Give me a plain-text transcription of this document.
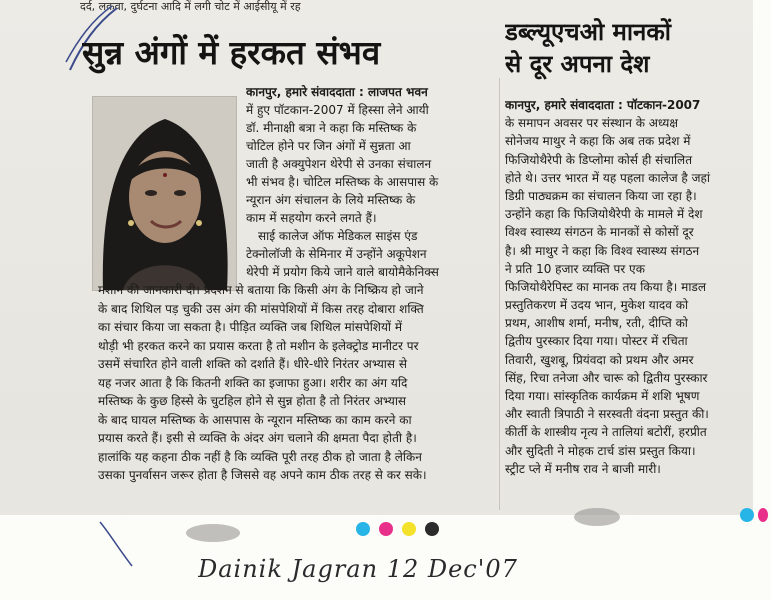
दर्द, लकवा, दुर्घटना आदि में लगी चोट में आईसीयू में रह
सुन्न अंगों में हरकत संभव
कानपुर, हमारे संवाददाता : लाजपत भवन
में हुए पॉटकान-2007 में हिस्सा लेने आयी
डॉ. मीनाक्षी बत्रा ने कहा कि मस्तिष्क के
चोटिल होने पर जिन अंगों में सुन्नता आ
जाती है अक्युपेशन थेरेपी से उनका संचालन
भी संभव है। चोटिल मस्तिष्क के आसपास के
न्यूरान अंग संचालन के लिये मस्तिष्क के
काम में सहयोग करने लगते हैं।
साई कालेज ऑफ मेडिकल साइंस एंड
टेक्नोलॉजी के सेमिनार में उन्होंने अकूपेशन
थेरेपी में प्रयोग किये जाने वाले बायोमैकेनिक्स
मशीन की जानकारी दी। प्रदर्शन से बताया कि किसी अंग के निष्क्रिय हो जाने
के बाद शिथिल पड़ चुकी उस अंग की मांसपेशियों में किस तरह दोबारा शक्ति
का संचार किया जा सकता है। पीड़ित व्यक्ति जब शिथिल मांसपेशियों में
थोड़ी भी हरकत करने का प्रयास करता है तो मशीन के इलेक्ट्रोड मानीटर पर
उसमें संचारित होने वाली शक्ति को दर्शाते हैं। धीरे-धीरे निरंतर अभ्यास से
यह नजर आता है कि कितनी शक्ति का इजाफा हुआ। शरीर का अंग यदि
मस्तिष्क के कुछ हिस्से के चुटहिल होने से सुन्न होता है तो निरंतर अभ्यास
के बाद घायल मस्तिष्क के आसपास के न्यूरान मस्तिष्क का काम करने का
प्रयास करते हैं। इसी से व्यक्ति के अंदर अंग चलाने की क्षमता पैदा होती है।
हालांकि यह कहना ठीक नहीं है कि व्यक्ति पूरी तरह ठीक हो जाता है लेकिन
उसका पुनर्वासन जरूर होता है जिससे वह अपने काम ठीक तरह से कर सके।
डब्ल्यूएचओ मानकों
से दूर अपना देश
कानपुर, हमारे संवाददाता : पॉटकान-2007
के समापन अवसर पर संस्थान के अध्यक्ष
सोनेजय माथुर ने कहा कि अब तक प्रदेश में
फिजियोथैरेपी के डिप्लोमा कोर्स ही संचालित
होते थे। उत्तर भारत में यह पहला कालेज है जहां
डिग्री पाठ्यक्रम का संचालन किया जा रहा है।
उन्होंने कहा कि फिजियोथैरेपी के मामले में देश
विश्व स्वास्थ्य संगठन के मानकों से कोसों दूर
है। श्री माथुर ने कहा कि विश्व स्वास्थ्य संगठन
ने प्रति 10 हजार व्यक्ति पर एक
फिजियोथैरेपिस्ट का मानक तय किया है। माडल
प्रस्तुतिकरण में उदय भान, मुकेश यादव को
प्रथम, आशीष शर्मा, मनीष, रती, दीप्ति को
द्वितीय पुरस्कार दिया गया। पोस्टर में रचिता
तिवारी, खुशबू, प्रियंवदा को प्रथम और अमर
सिंह, रिचा तनेजा और चारू को द्वितीय पुरस्कार
दिया गया। सांस्कृतिक कार्यक्रम में शशि भूषण
और स्वाती त्रिपाठी ने सरस्वती वंदना प्रस्तुत की।
कीर्ती के शास्त्रीय नृत्य ने तालियां बटोरीं, हरप्रीत
और सुदिती ने मोहक टार्च डांस प्रस्तुत किया।
स्ट्रीट प्ले में मनीष राव ने बाजी मारी।
Dainik Jagran 12 Dec'07
